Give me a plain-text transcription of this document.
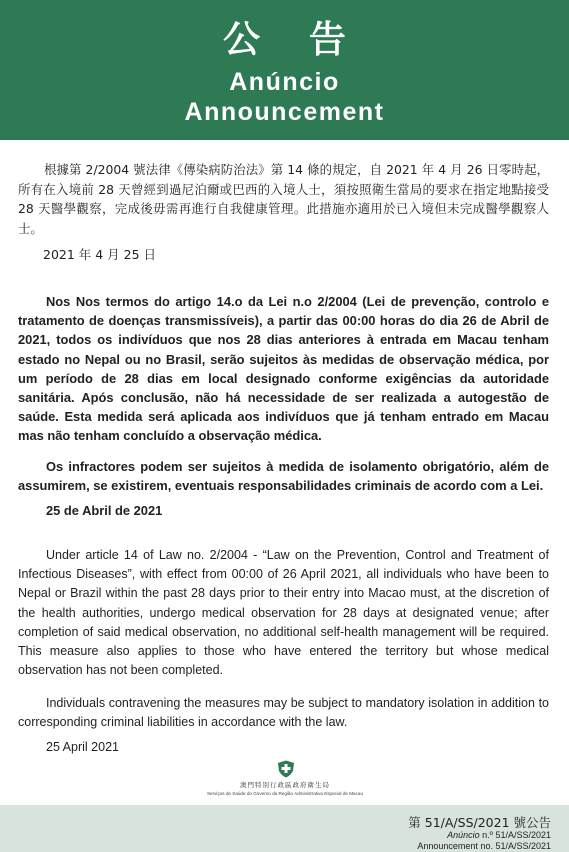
公 告
Anúncio
Announcement
根據第 2/2004 號法律《傳染病防治法》第 14 條的規定，自 2021 年 4 月 26 日零時起，所有在入境前 28 天曾經到過尼泊爾或巴西的入境人士，須按照衛生當局的要求在指定地點接受 28 天醫學觀察，完成後毋需再進行自我健康管理。此措施亦適用於已入境但未完成醫學觀察人士。
2021 年 4 月 25 日
Nos Nos termos do artigo 14.o da Lei n.o 2/2004 (Lei de prevenção, controlo e tratamento de doenças transmissíveis), a partir das 00:00 horas do dia 26 de Abril de 2021, todos os indivíduos que nos 28 dias anteriores à entrada em Macau tenham estado no Nepal ou no Brasil, serão sujeitos às medidas de observação médica, por um período de 28 dias em local designado conforme exigências da autoridade sanitária. Após conclusão, não há necessidade de ser realizada a autogestão de saúde. Esta medida será aplicada aos indivíduos que já tenham entrado em Macau mas não tenham concluído a observação médica.
Os infractores podem ser sujeitos à medida de isolamento obrigatório, além de assumirem, se existirem, eventuais responsabilidades criminais de acordo com a Lei.
25 de Abril de 2021
Under article 14 of Law no. 2/2004 - “Law on the Prevention, Control and Treatment of Infectious Diseases”, with effect from 00:00 of 26 April 2021, all individuals who have been to Nepal or Brazil within the past 28 days prior to their entry into Macao must, at the discretion of the health authorities, undergo medical observation for 28 days at designated venue; after completion of said medical observation, no additional self-health management will be required. This measure also applies to those who have entered the territory but whose medical observation has not been completed.
Individuals contravening the measures may be subject to mandatory isolation in addition to corresponding criminal liabilities in accordance with the law.
25 April 2021
澳門特別行政區政府衛生局
Serviços de Saúde do Governo da Região Administrativa Especial de Macau
第 51/A/SS/2021 號公告
Anúncio n.º 51/A/SS/2021
Announcement no. 51/A/SS/2021
